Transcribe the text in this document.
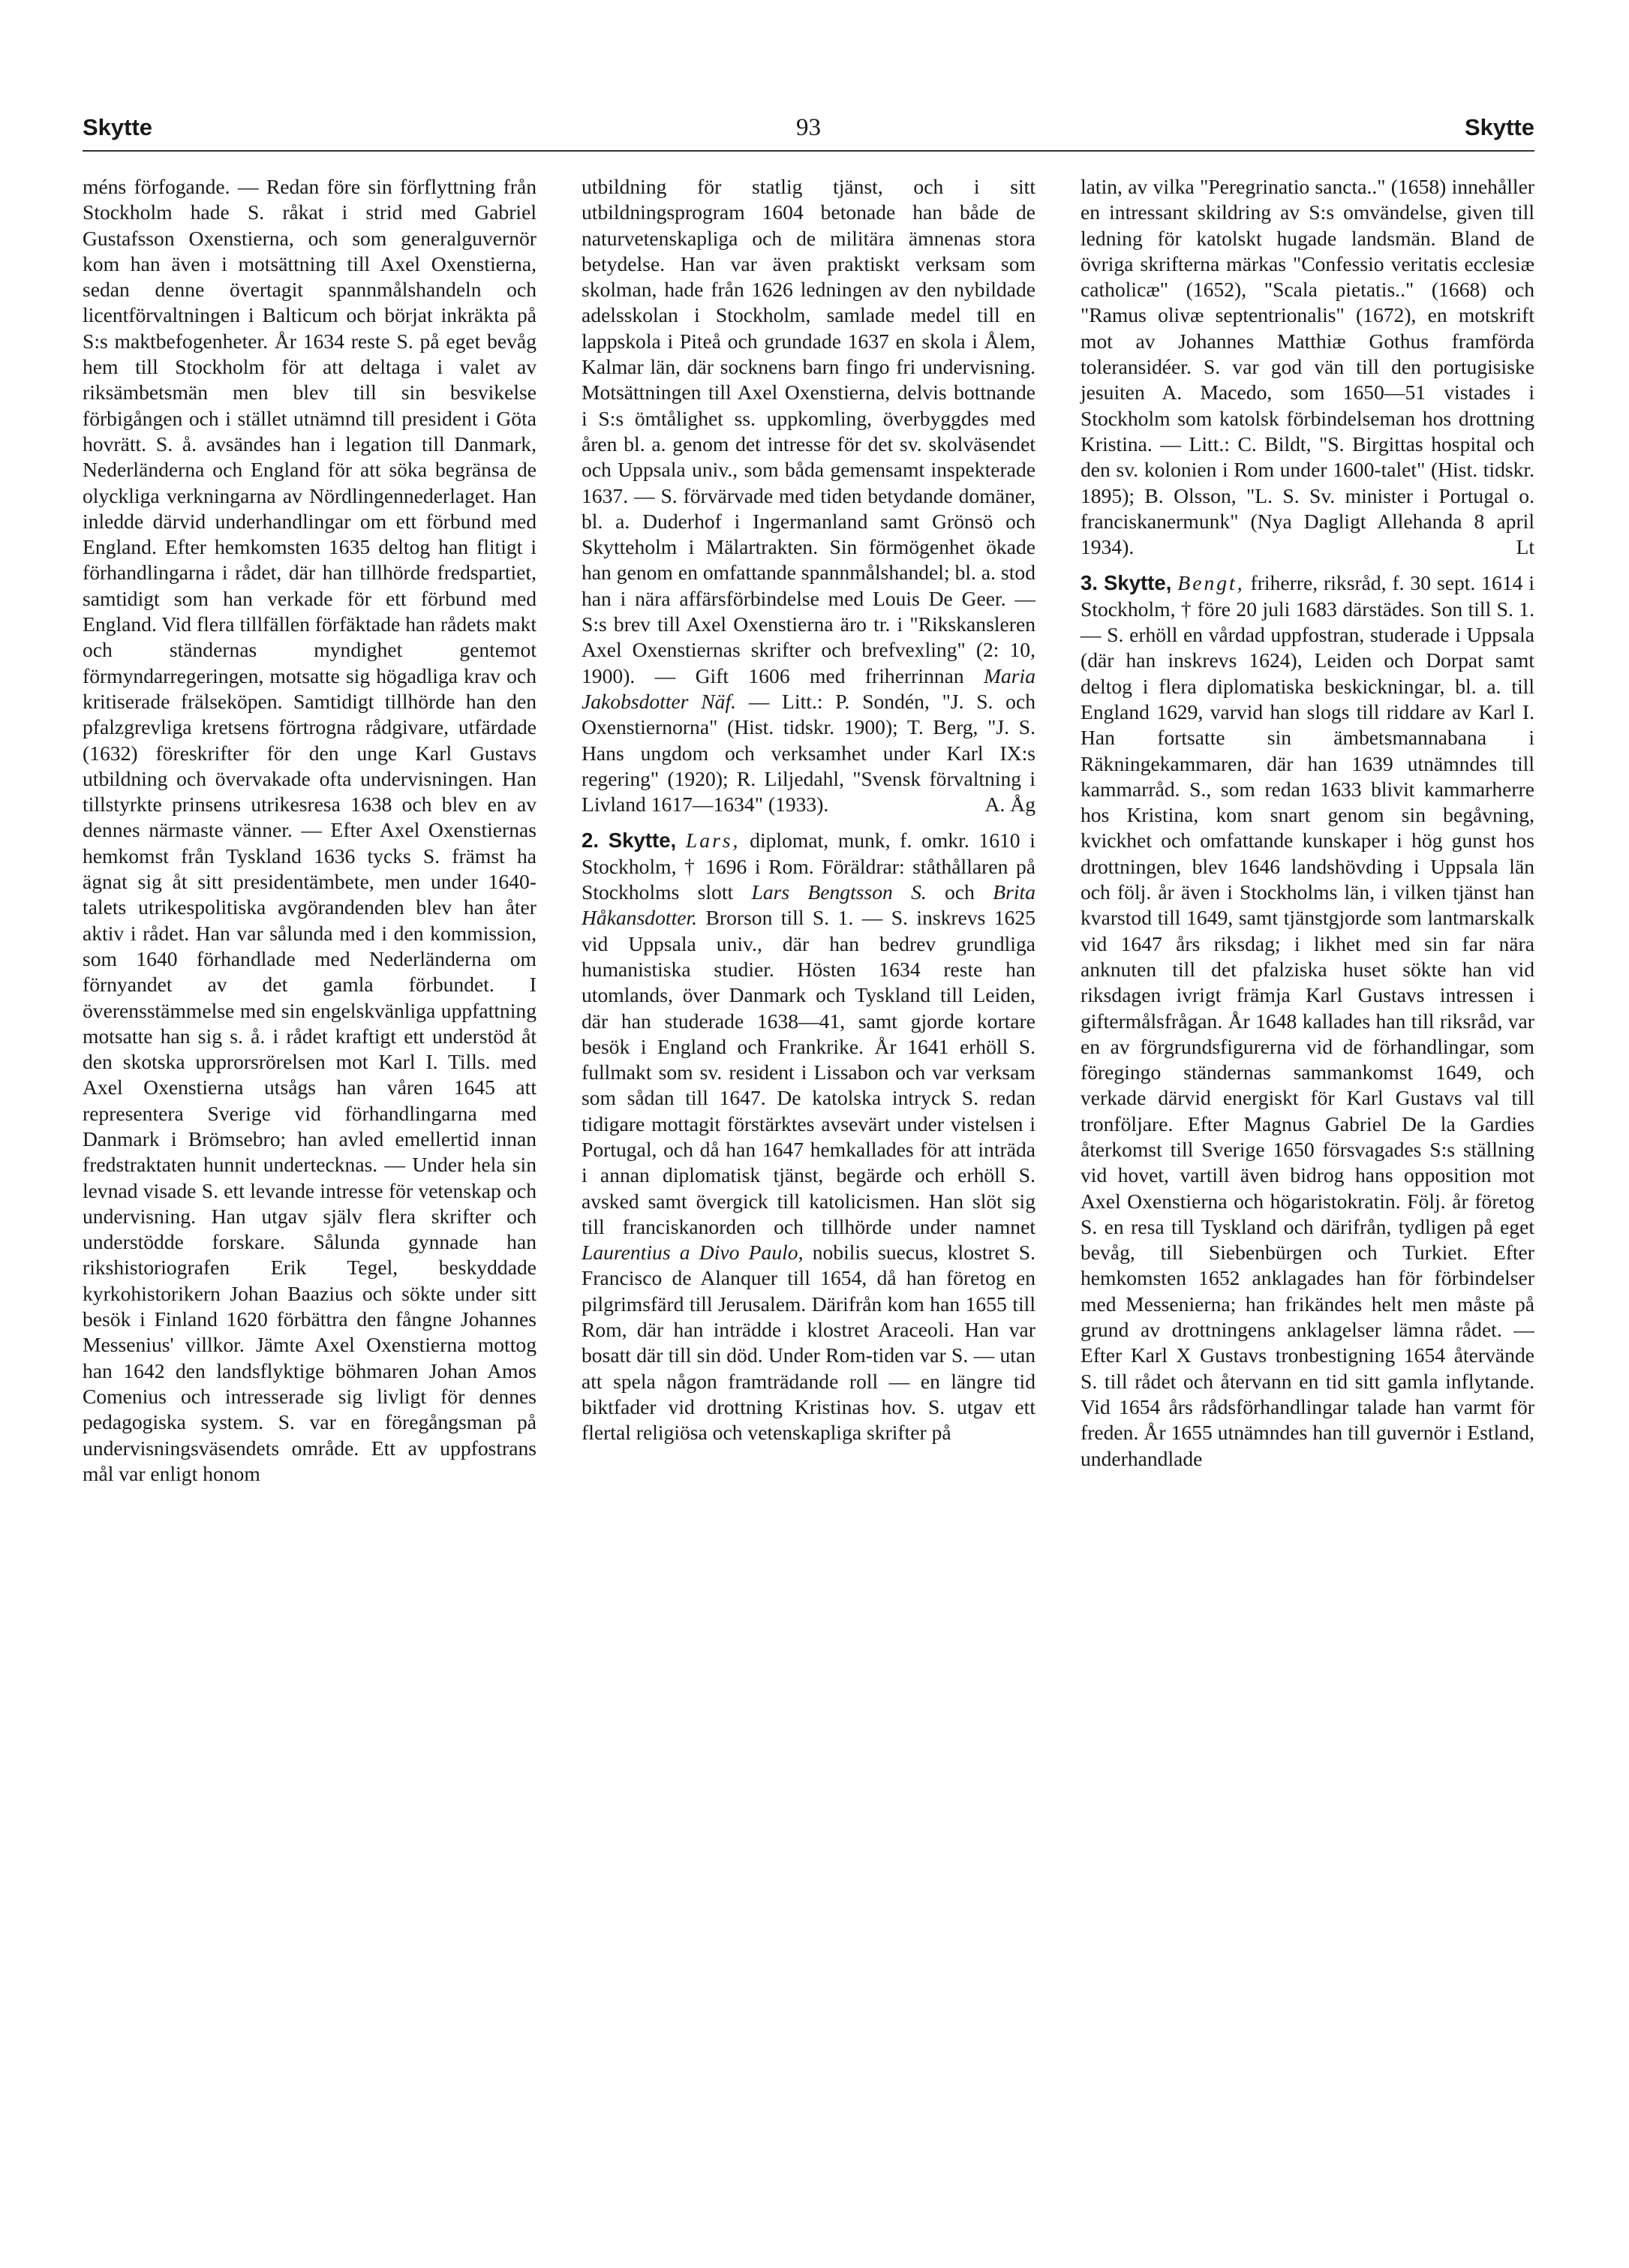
Skytte	93	Skytte

méns förfogande. — Redan före sin förflyttning från Stockholm hade S. råkat i strid med Gabriel Gustafsson Oxenstierna, och som generalguvernör kom han även i motsättning till Axel Oxenstierna, sedan denne övertagit spannmålshandeln och licentförvaltningen i Balticum och börjat inkräkta på S:s maktbefogenheter. År 1634 reste S. på eget bevåg hem till Stockholm för att deltaga i valet av riksämbetsmän men blev till sin besvikelse förbigången och i stället utnämnd till president i Göta hovrätt. S. å. avsändes han i legation till Danmark, Nederländerna och England för att söka begränsa de olyckliga verkningarna av Nördlingennederlaget. Han inledde därvid underhandlingar om ett förbund med England. Efter hemkomsten 1635 deltog han flitigt i förhandlingarna i rådet, där han tillhörde fredspartiet, samtidigt som han verkade för ett förbund med England. Vid flera tillfällen förfäktade han rådets makt och ständernas myndighet gentemot förmyndarregeringen, motsatte sig högadliga krav och kritiserade frälseköpen. Samtidigt tillhörde han den pfalzgrevliga kretsens förtrogna rådgivare, utfärdade (1632) föreskrifter för den unge Karl Gustavs utbildning och övervakade ofta undervisningen. Han tillstyrkte prinsens utrikesresa 1638 och blev en av dennes närmaste vänner. — Efter Axel Oxenstiernas hemkomst från Tyskland 1636 tycks S. främst ha ägnat sig åt sitt presidentämbete, men under 1640-talets utrikespolitiska avgörandenden blev han åter aktiv i rådet. Han var sålunda med i den kommission, som 1640 förhandlade med Nederländerna om förnyandet av det gamla förbundet. I överensstämmelse med sin engelskvänliga uppfattning motsatte han sig s. å. i rådet kraftigt ett understöd åt den skotska upprorsrörelsen mot Karl I. Tills. med Axel Oxenstierna utsågs han våren 1645 att representera Sverige vid förhandlingarna med Danmark i Brömsebro; han avled emellertid innan fredstraktaten hunnit undertecknas. — Under hela sin levnad visade S. ett levande intresse för vetenskap och undervisning. Han utgav själv flera skrifter och understödde forskare. Sålunda gynnade han rikshistoriografen Erik Tegel, beskyddade kyrkohistorikern Johan Baazius och sökte under sitt besök i Finland 1620 förbättra den fångne Johannes Messenius' villkor. Jämte Axel Oxenstierna mottog han 1642 den landsflyktige böhmaren Johan Amos Comenius och intresserade sig livligt för dennes pedagogiska system. S. var en föregångsman på undervisningsväsendets område. Ett av uppfostrans mål var enligt honom

utbildning för statlig tjänst, och i sitt utbildningsprogram 1604 betonade han både de naturvetenskapliga och de militära ämnenas stora betydelse. Han var även praktiskt verksam som skolman, hade från 1626 ledningen av den nybildade adelsskolan i Stockholm, samlade medel till en lappskola i Piteå och grundade 1637 en skola i Ålem, Kalmar län, där socknens barn fingo fri undervisning. Motsättningen till Axel Oxenstierna, delvis bottnande i S:s ömtålighet ss. uppkomling, överbyggdes med åren bl. a. genom det intresse för det sv. skolväsendet och Uppsala univ., som båda gemensamt inspekterade 1637. — S. förvärvade med tiden betydande domäner, bl. a. Duderhof i Ingermanland samt Grönsö och Skytteholm i Mälartrakten. Sin förmögenhet ökade han genom en omfattande spannmålshandel; bl. a. stod han i nära affärsförbindelse med Louis De Geer. — S:s brev till Axel Oxenstierna äro tr. i "Rikskansleren Axel Oxenstiernas skrifter och brefvexling" (2: 10, 1900). — Gift 1606 med friherrinnan Maria Jakobsdotter Näf. — Litt.: P. Sondén, "J. S. och Oxenstiernorna" (Hist. tidskr. 1900); T. Berg, "J. S. Hans ungdom och verksamhet under Karl IX:s regering" (1920); R. Liljedahl, "Svensk förvaltning i Livland 1617—1634" (1933).	A. Åg

2. Skytte, Lars, diplomat, munk, f. omkr. 1610 i Stockholm, † 1696 i Rom. Föräldrar: ståthållaren på Stockholms slott Lars Bengtsson S. och Brita Håkansdotter. Brorson till S. 1. — S. inskrevs 1625 vid Uppsala univ., där han bedrev grundliga humanistiska studier. Hösten 1634 reste han utomlands, över Danmark och Tyskland till Leiden, där han studerade 1638—41, samt gjorde kortare besök i England och Frankrike. År 1641 erhöll S. fullmakt som sv. resident i Lissabon och var verksam som sådan till 1647. De katolska intryck S. redan tidigare mottagit förstärktes avsevärt under vistelsen i Portugal, och då han 1647 hemkallades för att inträda i annan diplomatisk tjänst, begärde och erhöll S. avsked samt övergick till katolicismen. Han slöt sig till franciskanorden och tillhörde under namnet Laurentius a Divo Paulo, nobilis suecus, klostret S. Francisco de Alanquer till 1654, då han företog en pilgrimsfärd till Jerusalem. Därifrån kom han 1655 till Rom, där han inträdde i klostret Araceoli. Han var bosatt där till sin död. Under Rom-tiden var S. — utan att spela någon framträdande roll — en längre tid biktfader vid drottning Kristinas hov. S. utgav ett flertal religiösa och vetenskapliga skrifter på

latin, av vilka "Peregrinatio sancta.." (1658) innehåller en intressant skildring av S:s omvändelse, given till ledning för katolskt hugade landsmän. Bland de övriga skrifterna märkas "Confessio veritatis ecclesiæ catholicæ" (1652), "Scala pietatis.." (1668) och "Ramus olivæ septentrionalis" (1672), en motskrift mot av Johannes Matthiæ Gothus framförda toleransidéer. S. var god vän till den portugisiske jesuiten A. Macedo, som 1650—51 vistades i Stockholm som katolsk förbindelseman hos drottning Kristina. — Litt.: C. Bildt, "S. Birgittas hospital och den sv. kolonien i Rom under 1600-talet" (Hist. tidskr. 1895); B. Olsson, "L. S. Sv. minister i Portugal o. franciskanermunk" (Nya Dagligt Allehanda 8 april 1934).	Lt

3. Skytte, Bengt, friherre, riksråd, f. 30 sept. 1614 i Stockholm, † före 20 juli 1683 därstädes. Son till S. 1. — S. erhöll en vårdad uppfostran, studerade i Uppsala (där han inskrevs 1624), Leiden och Dorpat samt deltog i flera diplomatiska beskickningar, bl. a. till England 1629, varvid han slogs till riddare av Karl I. Han fortsatte sin ämbetsmannabana i Räkningekammaren, där han 1639 utnämndes till kammarråd. S., som redan 1633 blivit kammarherre hos Kristina, kom snart genom sin begåvning, kvickhet och omfattande kunskaper i hög gunst hos drottningen, blev 1646 landshövding i Uppsala län och följ. år även i Stockholms län, i vilken tjänst han kvarstod till 1649, samt tjänstgjorde som lantmarskalk vid 1647 års riksdag; i likhet med sin far nära anknuten till det pfalziska huset sökte han vid riksdagen ivrigt främja Karl Gustavs intressen i giftermålsfrågan. År 1648 kallades han till riksråd, var en av förgrundsfigurerna vid de förhandlingar, som föregingo ständernas sammankomst 1649, och verkade därvid energiskt för Karl Gustavs val till tronföljare. Efter Magnus Gabriel De la Gardies återkomst till Sverige 1650 försvagades S:s ställning vid hovet, vartill även bidrog hans opposition mot Axel Oxenstierna och högaristokratin. Följ. år företog S. en resa till Tyskland och därifrån, tydligen på eget bevåg, till Siebenbürgen och Turkiet. Efter hemkomsten 1652 anklagades han för förbindelser med Messenierna; han frikändes helt men måste på grund av drottningens anklagelser lämna rådet. — Efter Karl X Gustavs tronbestigning 1654 återvände S. till rådet och återvann en tid sitt gamla inflytande. Vid 1654 års rådsförhandlingar talade han varmt för freden. År 1655 utnämndes han till guvernör i Estland, underhandlade
